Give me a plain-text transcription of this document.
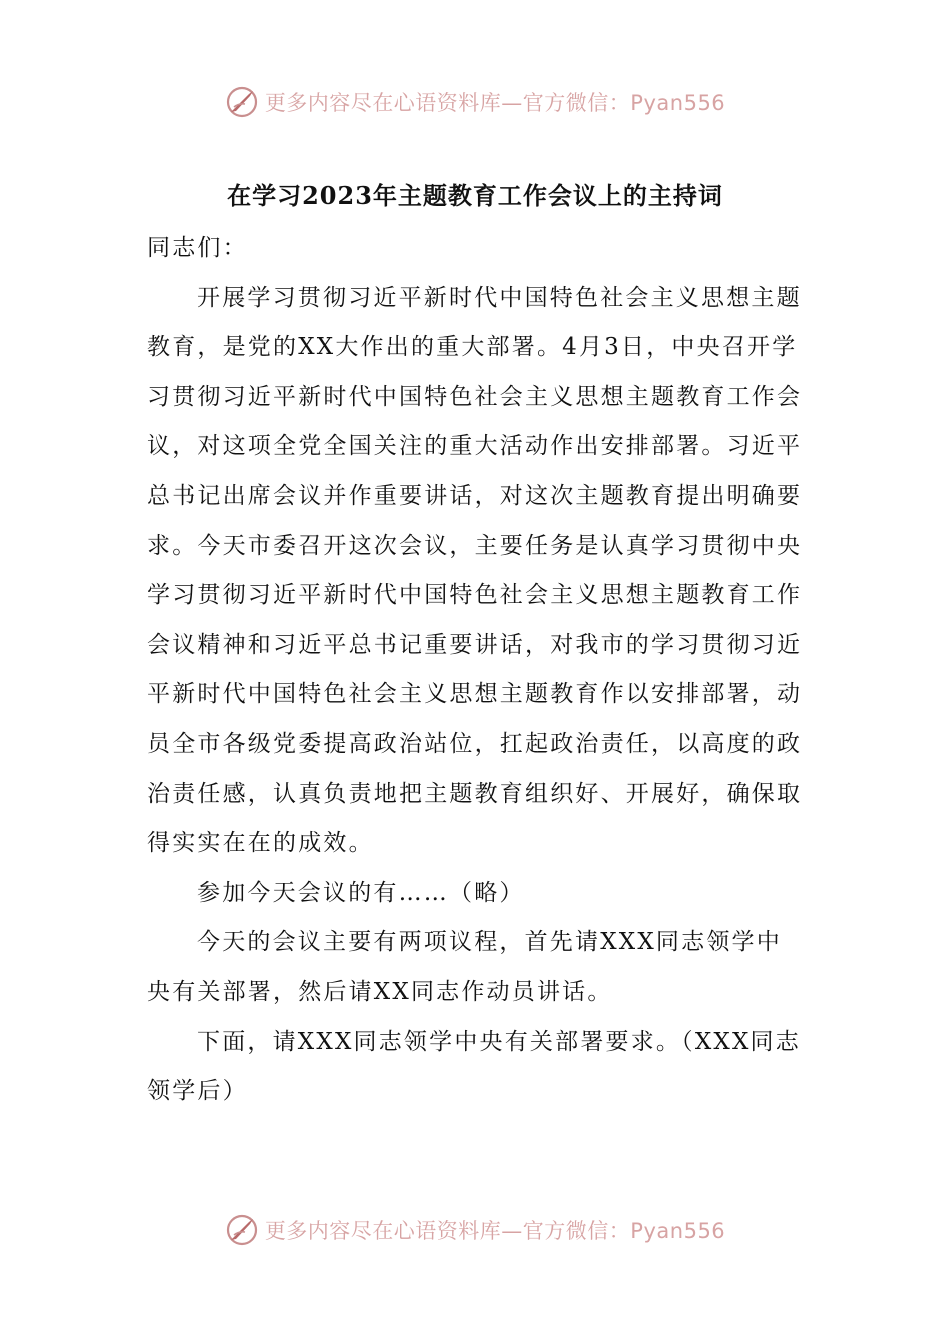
更多内容尽在心语资料库—官方微信：Pyan556
在学习2023年主题教育工作会议上的主持词

同志们：

开展学习贯彻习近平新时代中国特色社会主义思想主题教育，是党的XX大作出的重大部署。4月3日，中央召开学习贯彻习近平新时代中国特色社会主义思想主题教育工作会议，对这项全党全国关注的重大活动作出安排部署。习近平总书记出席会议并作重要讲话，对这次主题教育提出明确要求。今天市委召开这次会议，主要任务是认真学习贯彻中央学习贯彻习近平新时代中国特色社会主义思想主题教育工作会议精神和习近平总书记重要讲话，对我市的学习贯彻习近平新时代中国特色社会主义思想主题教育作以安排部署，动员全市各级党委提高政治站位，扛起政治责任，以高度的政治责任感，认真负责地把主题教育组织好、开展好，确保取得实实在在的成效。

参加今天会议的有……（略）

今天的会议主要有两项议程，首先请XXX同志领学中央有关部署，然后请XX同志作动员讲话。

下面，请XXX同志领学中央有关部署要求。（XXX同志领学后）

更多内容尽在心语资料库—官方微信：Pyan556
